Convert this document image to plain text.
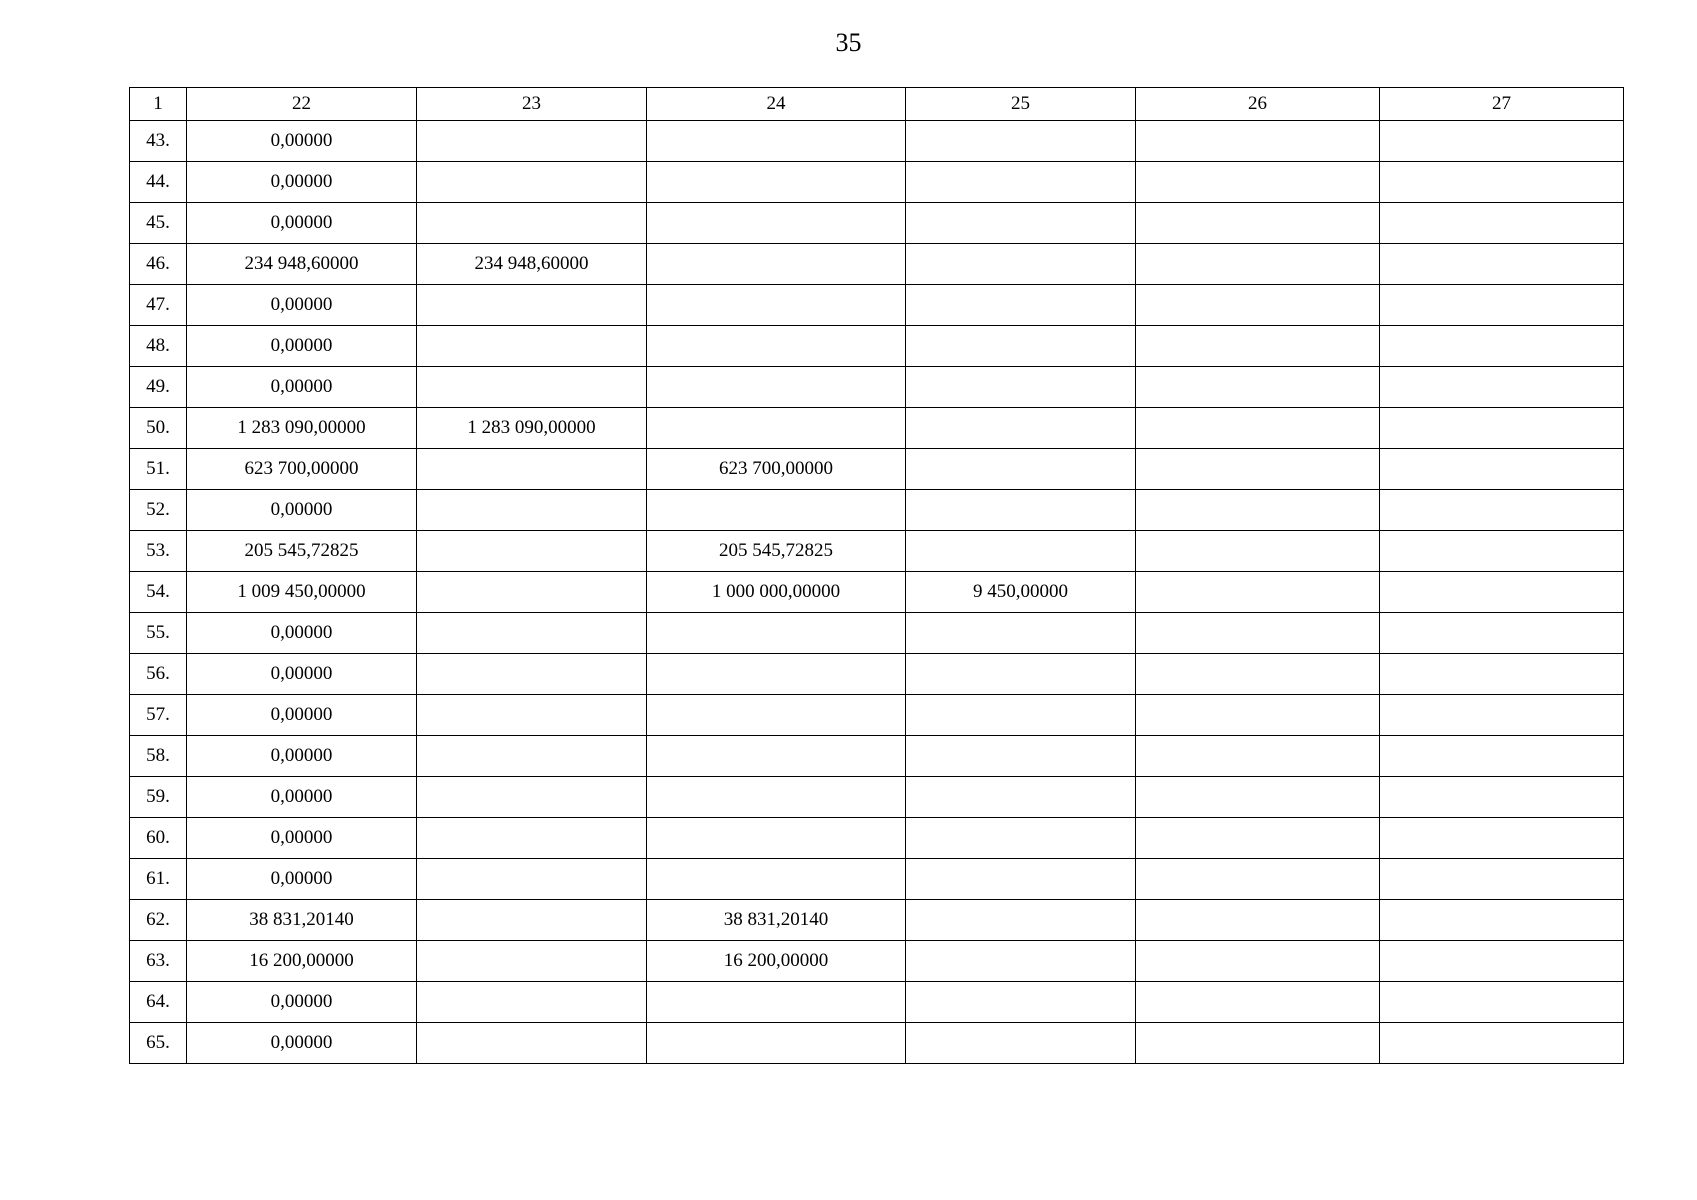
35
1	22	23	24	25	26	27
43.	0,00000					
44.	0,00000					
45.	0,00000					
46.	234 948,60000	234 948,60000				
47.	0,00000					
48.	0,00000					
49.	0,00000					
50.	1 283 090,00000	1 283 090,00000				
51.	623 700,00000		623 700,00000			
52.	0,00000					
53.	205 545,72825		205 545,72825			
54.	1 009 450,00000		1 000 000,00000	9 450,00000		
55.	0,00000					
56.	0,00000					
57.	0,00000					
58.	0,00000					
59.	0,00000					
60.	0,00000					
61.	0,00000					
62.	38 831,20140		38 831,20140			
63.	16 200,00000		16 200,00000			
64.	0,00000					
65.	0,00000					
